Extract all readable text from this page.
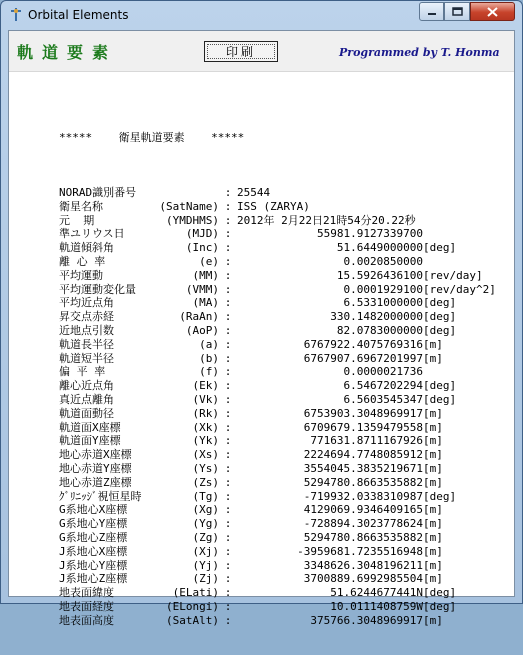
Orbital Elements
軌道要素	印刷	Programmed by T. Honma

*****    衛星軌道要素    *****

NORAD識別番号	: 25544
衛星名称	(SatName) : ISS (ZARYA)
元  期	(YMDHMS) : 2012年 2月22日21時54分20.22秒
準ユリウス日	(MJD) :	55981.9127339700
軌道傾斜角	(Inc) :	51.6449000000 [deg]
離 心 率	(e) :	0.0020850000
平均運動	(MM) :	15.5926436100 [rev/day]
平均運動変化量	(VMM) :	0.0001929100 [rev/day^2]
平均近点角	(MA) :	6.5331000000 [deg]
昇交点赤経	(RaAn) :	330.1482000000 [deg]
近地点引数	(AoP) :	82.0783000000 [deg]
軌道長半径	(a) :	6767922.4075769316 [m]
軌道短半径	(b) :	6767907.6967201997 [m]
偏 平 率	(f) :	0.0000021736
離心近点角	(Ek) :	6.5467202294 [deg]
真近点離角	(Vk) :	6.5603545347 [deg]
軌道面動径	(Rk) :	6753903.3048969917 [m]
軌道面X座標	(Xk) :	6709679.1359479558 [m]
軌道面Y座標	(Yk) :	771631.8711167926 [m]
地心赤道X座標	(Xs) :	2224694.7748085912 [m]
地心赤道Y座標	(Ys) :	3554045.3835219671 [m]
地心赤道Z座標	(Zs) :	5294780.8663535882 [m]
ｸﾞﾘﾆｯｼﾞ視恒星時	(Tg) :	-719932.0338310987 [deg]
G系地心X座標	(Xg) :	4129069.9346409165 [m]
G系地心Y座標	(Yg) :	-728894.3023778624 [m]
G系地心Z座標	(Zg) :	5294780.8663535882 [m]
J系地心X座標	(Xj) :	-3959681.7235516948 [m]
J系地心Y座標	(Yj) :	3348626.3048196211 [m]
J系地心Z座標	(Zj) :	3700889.6992985504 [m]
地表面緯度	(ELati) :	51.6244677441N [deg]
地表面経度	(ELongi) :	10.0111408759W [deg]
地表面高度	(SatAlt) :	375766.3048969917 [m]
